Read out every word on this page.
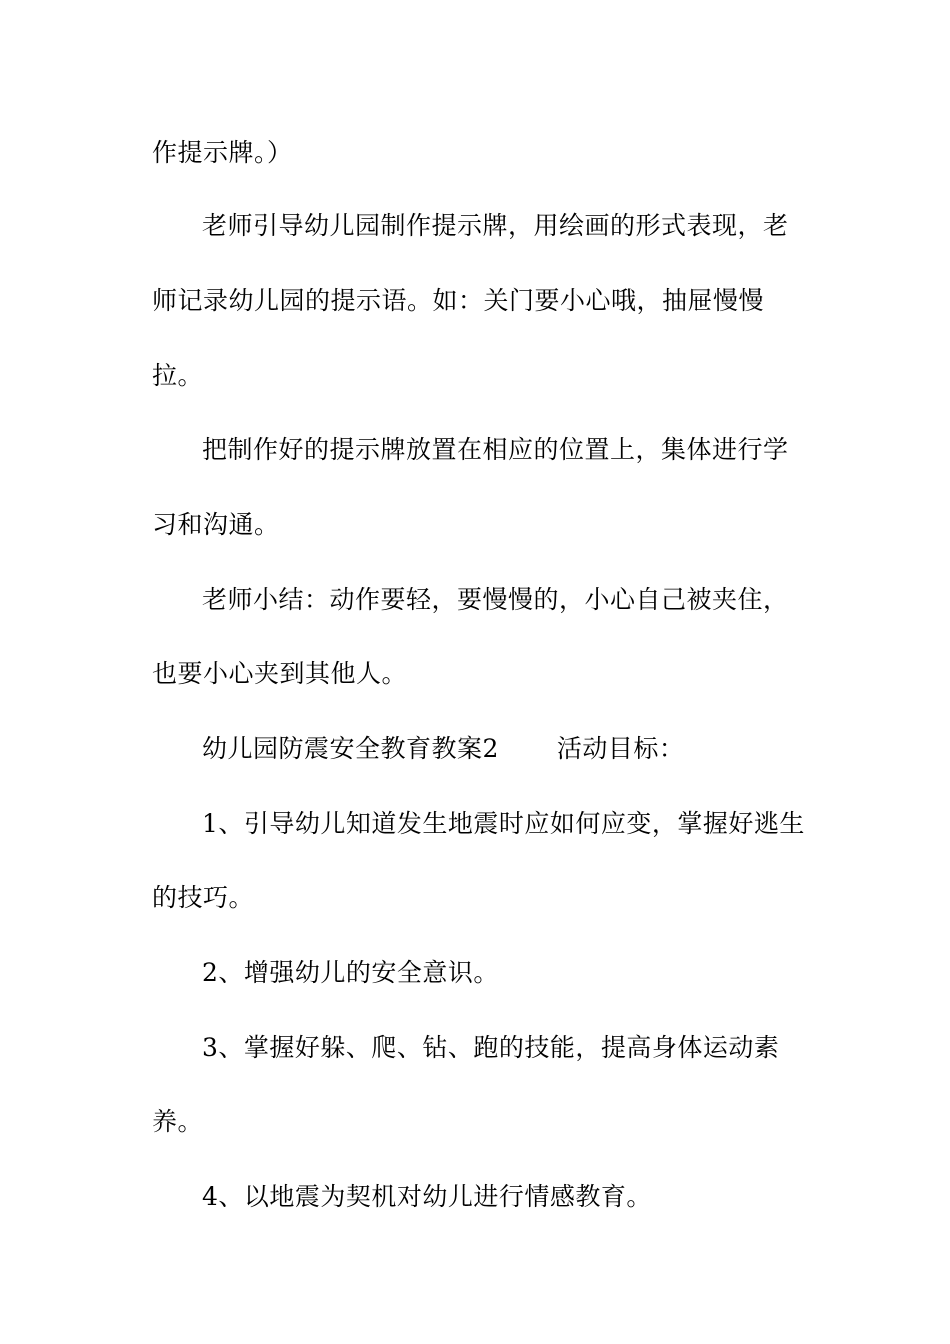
作提示牌。）
老师引导幼儿园制作提示牌，用绘画的形式表现，老
师记录幼儿园的提示语。如：关门要小心哦，抽屉慢慢
拉。
把制作好的提示牌放置在相应的位置上，集体进行学
习和沟通。
老师小结：动作要轻，要慢慢的，小心自己被夹住，
也要小心夹到其他人。
幼儿园防震安全教育教案2 活动目标：
1、引导幼儿知道发生地震时应如何应变，掌握好逃生
的技巧。
2、增强幼儿的安全意识。
3、掌握好躲、爬、钻、跑的技能，提高身体运动素
养。
4、以地震为契机对幼儿进行情感教育。
